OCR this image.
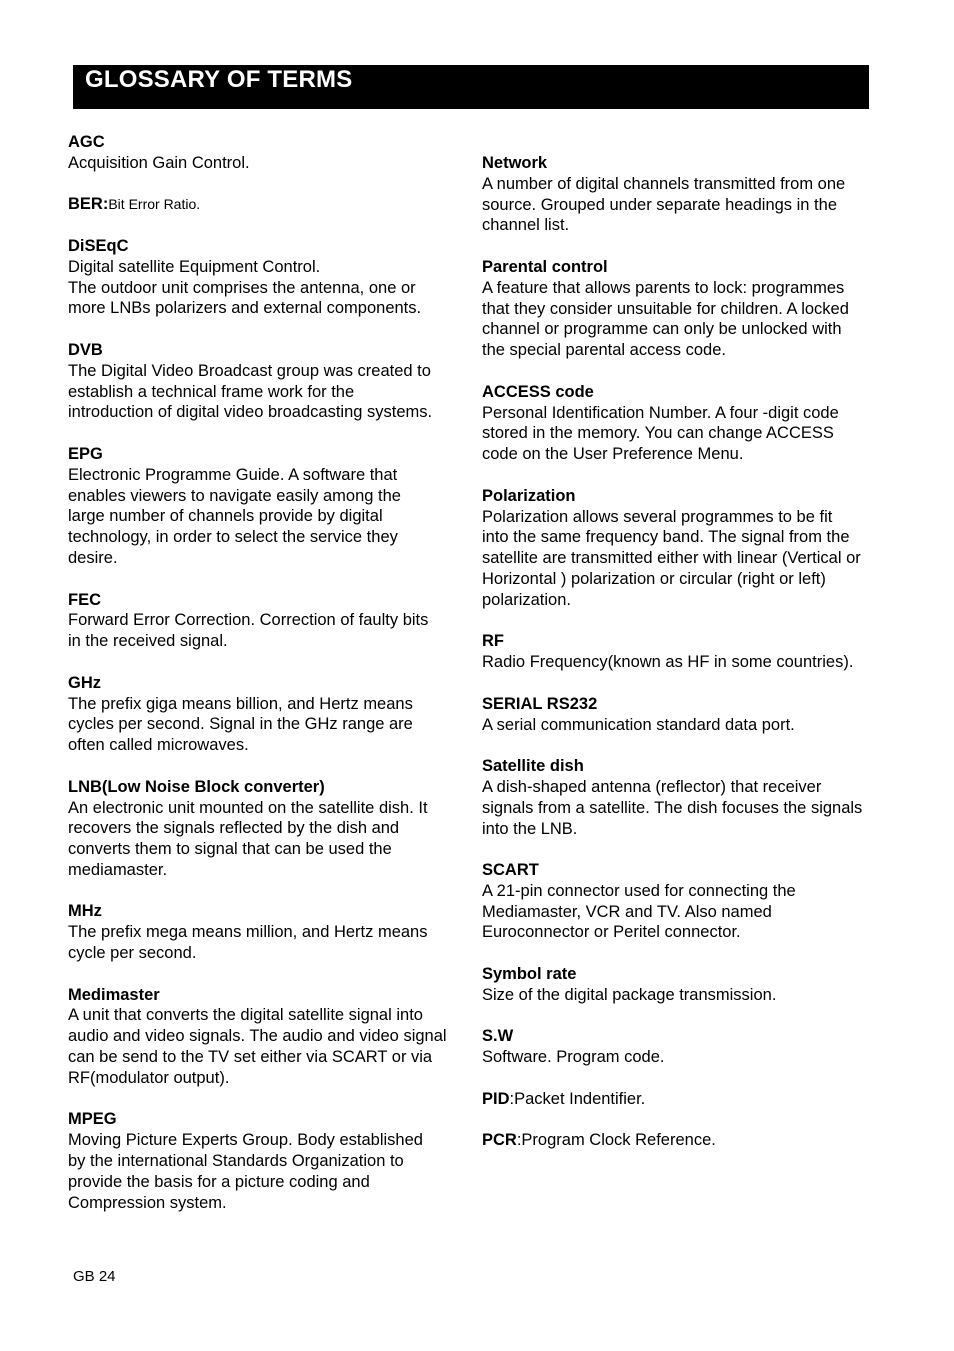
GLOSSARY OF TERMS
AGC
Acquisition Gain Control.
BER:Bit Error Ratio.
DiSEqC
Digital satellite Equipment Control.
The outdoor unit comprises the antenna, one or
more LNBs polarizers and external components.
DVB
The Digital Video Broadcast group was created to
establish a technical frame work for the
introduction of digital video broadcasting systems.
EPG
Electronic Programme Guide. A software that
enables viewers to navigate easily among the
large number of channels provide by digital
technology, in order to select the service they
desire.
FEC
Forward Error Correction. Correction of faulty bits
in the received signal.
GHz
The prefix giga means billion, and Hertz means
cycles per second. Signal in the GHz range are
often called microwaves.
LNB(Low Noise Block converter)
An electronic unit mounted on the satellite dish. It
recovers the signals reflected by the dish and
converts them to signal that can be used the
mediamaster.
MHz
The prefix mega means million, and Hertz means
cycle per second.
Medimaster
A unit that converts the digital satellite signal into
audio and video signals. The audio and video signal
can be send to the TV set either via SCART or via
RF(modulator output).
MPEG
Moving Picture Experts Group. Body established
by the international Standards Organization to
provide the basis for a picture coding and
Compression system.
Network
A number of digital channels transmitted from one
source. Grouped under separate headings in the
channel list.
Parental control
A feature that allows parents to lock: programmes
that they consider unsuitable for children. A locked
channel or programme can only be unlocked with
the special parental access code.
ACCESS code
Personal Identification Number. A four -digit code
stored in the memory. You can change ACCESS
code on the User Preference Menu.
Polarization
Polarization allows several programmes to be fit
into the same frequency band. The signal from the
satellite are transmitted either with linear (Vertical or
Horizontal ) polarization or circular (right or left)
polarization.
RF
Radio Frequency(known as HF in some countries).
SERIAL RS232
A serial communication standard data port.
Satellite dish
A dish-shaped antenna (reflector) that receiver
signals from a satellite. The dish focuses the signals
into the LNB.
SCART
A 21-pin connector used for connecting the
Mediamaster, VCR and TV. Also named
Euroconnector or Peritel connector.
Symbol rate
Size of the digital package transmission.
S.W
Software. Program code.
PID:Packet Indentifier.
PCR:Program Clock Reference.
GB 24
